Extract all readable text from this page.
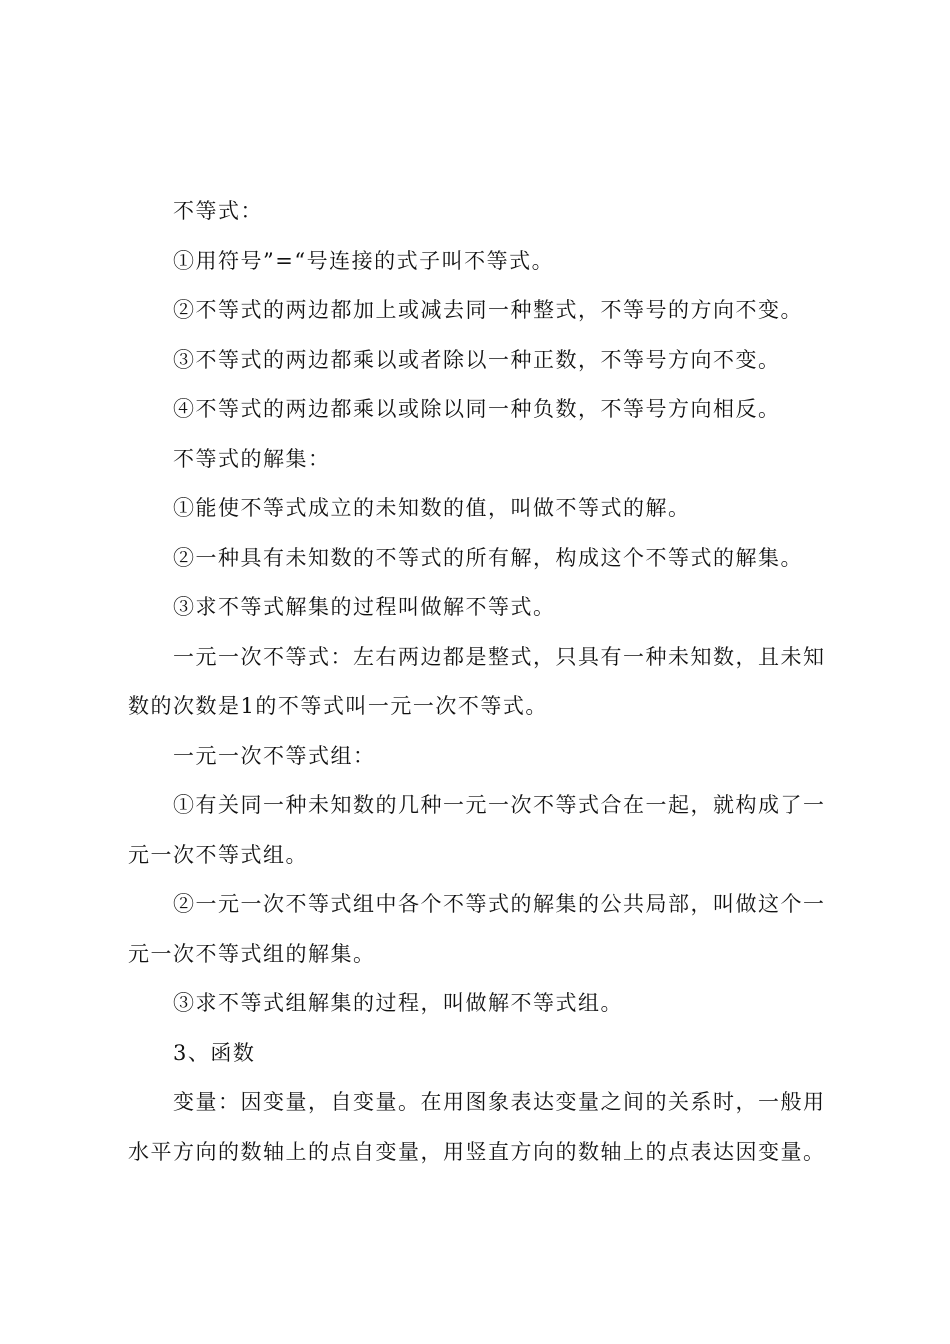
不等式：
①用符号”=“号连接的式子叫不等式。
②不等式的两边都加上或减去同一种整式，不等号的方向不变。
③不等式的两边都乘以或者除以一种正数，不等号方向不变。
④不等式的两边都乘以或除以同一种负数，不等号方向相反。
不等式的解集：
①能使不等式成立的未知数的值，叫做不等式的解。
②一种具有未知数的不等式的所有解，构成这个不等式的解集。
③求不等式解集的过程叫做解不等式。
一元一次不等式：左右两边都是整式，只具有一种未知数，且未知
数的次数是1的不等式叫一元一次不等式。
一元一次不等式组：
①有关同一种未知数的几种一元一次不等式合在一起，就构成了一
元一次不等式组。
②一元一次不等式组中各个不等式的解集的公共局部，叫做这个一
元一次不等式组的解集。
③求不等式组解集的过程，叫做解不等式组。
3、函数
变量：因变量，自变量。在用图象表达变量之间的关系时，一般用
水平方向的数轴上的点自变量，用竖直方向的数轴上的点表达因变量。
